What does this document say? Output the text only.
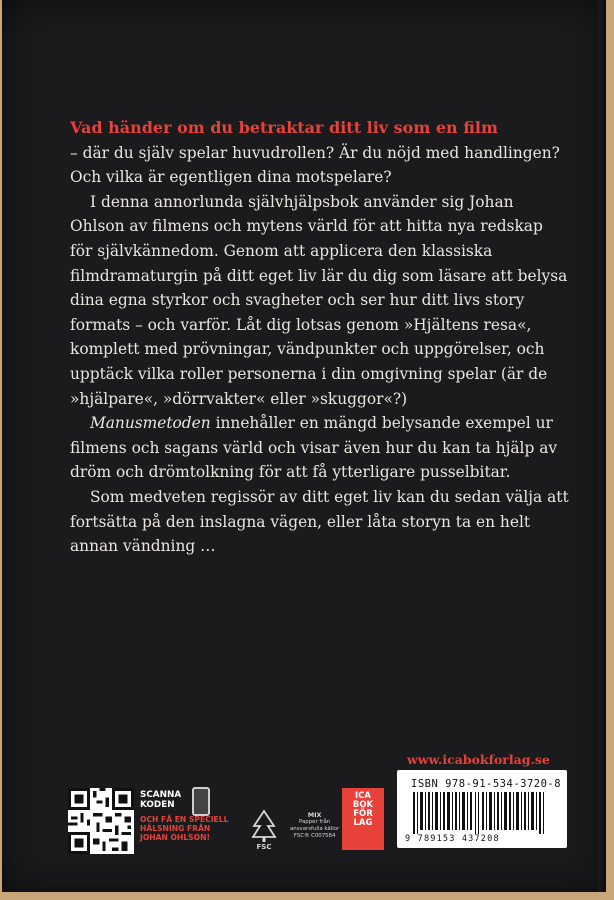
Vad händer om du betraktar ditt liv som en film
– där du själv spelar huvudrollen? Är du nöjd med handlingen? Och vilka är egentligen dina motspelare?

I denna annorlunda självhjälpsbok använder sig Johan Ohlson av filmens och mytens värld för att hitta nya redskap för självkännedom. Genom att applicera den klassiska filmdramaturgin på ditt eget liv lär du dig som läsare att belysa dina egna styrkor och svagheter och ser hur ditt livs story formats – och varför. Låt dig lotsas genom »Hjältens resa«, komplett med prövningar, vändpunkter och uppgörelser, och upptäck vilka roller personerna i din omgivning spelar (är de »hjälpare«, »dörrvakter« eller »skuggor«?)

Manusmetoden innehåller en mängd belysande exempel ur filmens och sagans värld och visar även hur du kan ta hjälp av dröm och drömtolkning för att få ytterligare pusselbitar.

Som medveten regissör av ditt eget liv kan du sedan välja att fortsätta på den inslagna vägen, eller låta storyn ta en helt annan vändning …

www.icabokforlag.se
ISBN 978-91-534-3720-8
9 789153 437208
SCANNA
KODEN
OCH FÅ EN SPECIELL
HÄLSNING FRÅN
JOHAN OHLSON!
FSC
MIX
Papper från
ansvarsfulla källor
FSC® C007584
ICA
BOK
FÖR
LAG
